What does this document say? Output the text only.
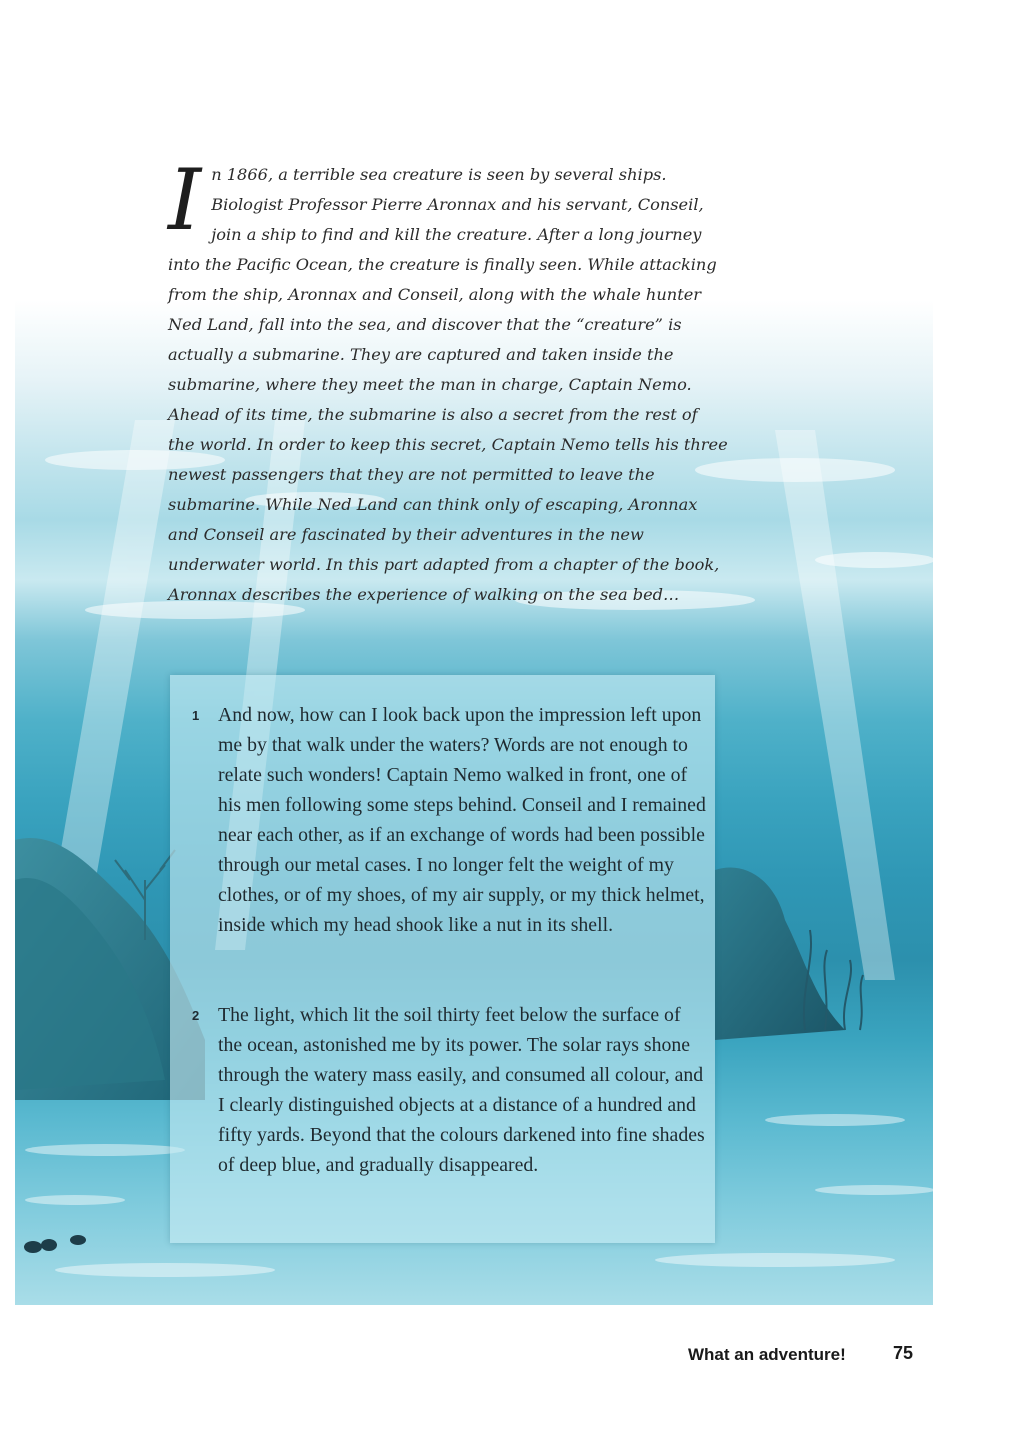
In 1866, a terrible sea creature is seen by several ships. Biologist Professor Pierre Aronnax and his servant, Conseil, join a ship to find and kill the creature. After a long journey into the Pacific Ocean, the creature is finally seen. While attacking from the ship, Aronnax and Conseil, along with the whale hunter Ned Land, fall into the sea, and discover that the “creature” is actually a submarine. They are captured and taken inside the submarine, where they meet the man in charge, Captain Nemo. Ahead of its time, the submarine is also a secret from the rest of the world. In order to keep this secret, Captain Nemo tells his three newest passengers that they are not permitted to leave the submarine. While Ned Land can think only of escaping, Aronnax and Conseil are fascinated by their adventures in the new underwater world. In this part adapted from a chapter of the book, Aronnax describes the experience of walking on the sea bed…

1 And now, how can I look back upon the impression left upon me by that walk under the waters? Words are not enough to relate such wonders! Captain Nemo walked in front, one of his men following some steps behind. Conseil and I remained near each other, as if an exchange of words had been possible through our metal cases. I no longer felt the weight of my clothes, or of my shoes, of my air supply, or my thick helmet, inside which my head shook like a nut in its shell.

2 The light, which lit the soil thirty feet below the surface of the ocean, astonished me by its power. The solar rays shone through the watery mass easily, and consumed all colour, and I clearly distinguished objects at a distance of a hundred and fifty yards. Beyond that the colours darkened into fine shades of deep blue, and gradually disappeared.

What an adventure!	75
